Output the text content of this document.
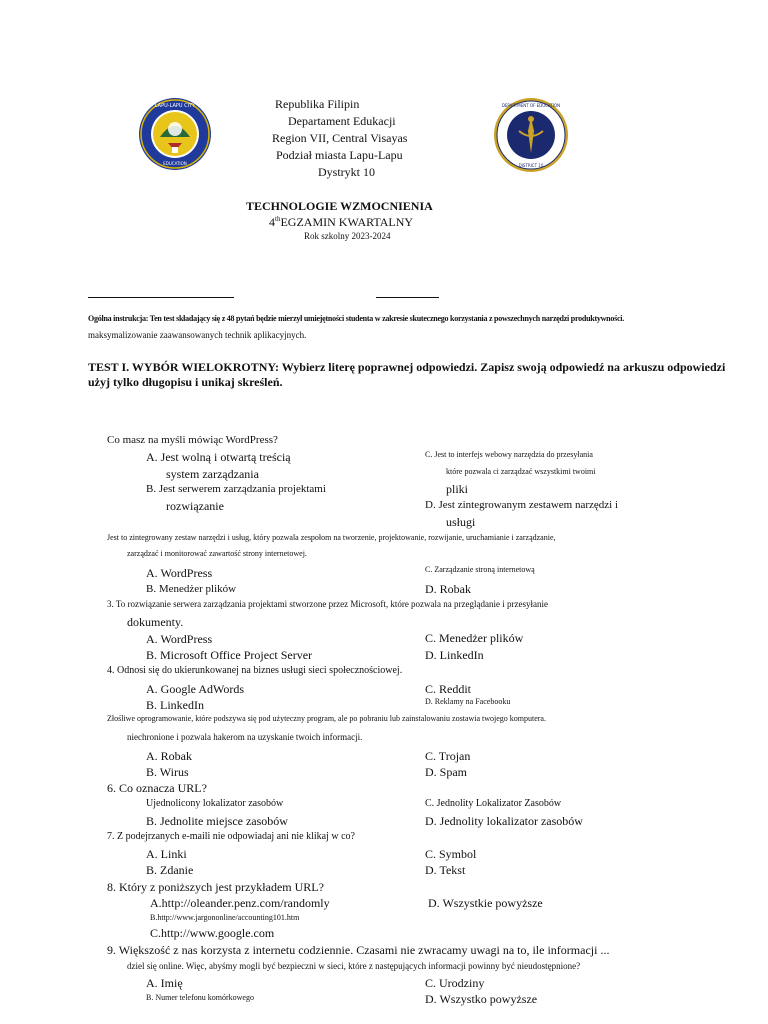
LAPU-LAPU CITY
EDUCATION
DEPARTMENT OF EDUCATION
DISTRICT 10
Republika Filipin
Departament Edukacji
Region VII, Central Visayas
Podział miasta Lapu-Lapu
Dystrykt 10
TECHNOLOGIE WZMOCNIENIA
4thEGZAMIN KWARTALNY
Rok szkolny 2023-2024
Ogólna instrukcja: Ten test składający się z 48 pytań będzie mierzył umiejętności studenta w zakresie skutecznego korzystania z powszechnych narzędzi produktywności.
maksymalizowanie zaawansowanych technik aplikacyjnych.
TEST I. WYBÓR WIELOKROTNY: Wybierz literę poprawnej odpowiedzi. Zapisz swoją odpowiedź na arkuszu odpowiedzi
użyj tylko długopisu i unikaj skreśleń.
Co masz na myśli mówiąc WordPress?
A. Jest wolną i otwartą treścią
system zarządzania
B. Jest serwerem zarządzania projektami
rozwiązanie
C. Jest to interfejs webowy narzędzia do przesyłania
które pozwala ci zarządzać wszystkimi twoimi
pliki
D. Jest zintegrowanym zestawem narzędzi i
usługi
Jest to zintegrowany zestaw narzędzi i usług, który pozwala zespołom na tworzenie, projektowanie, rozwijanie, uruchamianie i zarządzanie,
zarządzać i monitorować zawartość strony internetowej.
A. WordPress
B. Menedżer plików
C. Zarządzanie stroną internetową
D. Robak
3. To rozwiązanie serwera zarządzania projektami stworzone przez Microsoft, które pozwala na przeglądanie i przesyłanie
dokumenty.
A. WordPress
B. Microsoft Office Project Server
C. Menedżer plików
D. LinkedIn
4. Odnosi się do ukierunkowanej na biznes usługi sieci społecznościowej.
A. Google AdWords
B. LinkedIn
C. Reddit
D. Reklamy na Facebooku
Złośliwe oprogramowanie, które podszywa się pod użyteczny program, ale po pobraniu lub zainstalowaniu zostawia twojego komputera.
niechronione i pozwala hakerom na uzyskanie twoich informacji.
A. Robak
B. Wirus
C. Trojan
D. Spam
6. Co oznacza URL?
Ujednolicony lokalizator zasobów
B. Jednolite miejsce zasobów
C. Jednolity Lokalizator Zasobów
D. Jednolity lokalizator zasobów
7. Z podejrzanych e-maili nie odpowiadaj ani nie klikaj w co?
A. Linki
B. Zdanie
C. Symbol
D. Tekst
8. Który z poniższych jest przykładem URL?
A.http://oleander.penz.com/randomly
B.http://www.jargononline/accounting101.htm
C.http://www.google.com
D. Wszystkie powyższe
9. Większość z nas korzysta z internetu codziennie. Czasami nie zwracamy uwagi na to, ile informacji ...
dziel się online. Więc, abyśmy mogli być bezpieczni w sieci, które z następujących informacji powinny być nieudostępnione?
A. Imię
B. Numer telefonu komórkowego
C. Urodziny
D. Wszystko powyższe
